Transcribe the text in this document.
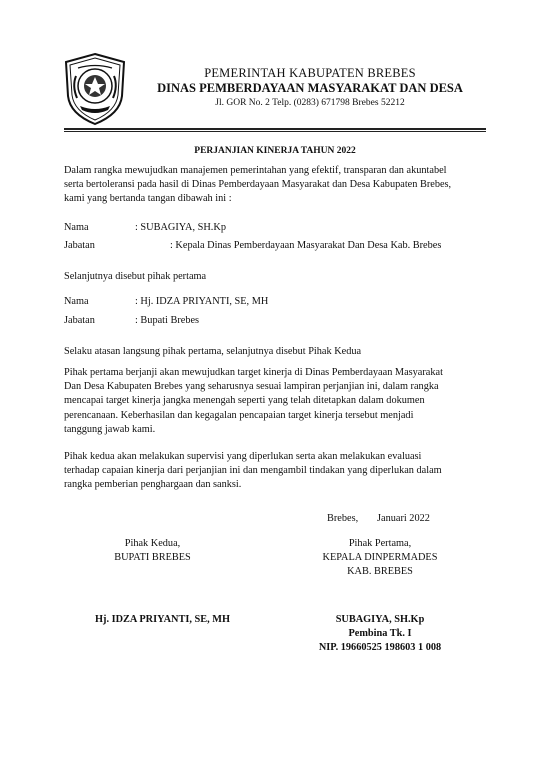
PEMERINTAH KABUPATEN BREBES
DINAS PEMBERDAYAAN MASYARAKAT DAN DESA
Jl. GOR No. 2 Telp. (0283) 671798 Brebes 52212
PERJANJIAN KINERJA TAHUN 2022
Dalam rangka mewujudkan manajemen pemerintahan yang efektif, transparan dan akuntabel
serta bertoleransi pada hasil di Dinas Pemberdayaan Masyarakat dan Desa Kabupaten Brebes,
kami yang bertanda tangan dibawah ini :
Nama	: SUBAGIYA, SH.Kp
Jabatan	: Kepala Dinas Pemberdayaan Masyarakat Dan Desa Kab. Brebes
Selanjutnya disebut pihak pertama
Nama	: Hj. IDZA PRIYANTI, SE, MH
Jabatan	: Bupati Brebes
Selaku atasan langsung pihak pertama, selanjutnya disebut Pihak Kedua
Pihak pertama berjanji akan mewujudkan target kinerja di Dinas Pemberdayaan Masyarakat
Dan Desa Kabupaten Brebes yang seharusnya sesuai lampiran perjanjian ini, dalam rangka
mencapai target kinerja jangka menengah seperti yang telah ditetapkan dalam dokumen
perencanaan. Keberhasilan dan kegagalan pencapaian target kinerja tersebut menjadi
tanggung jawab kami.
Pihak kedua akan melakukan supervisi yang diperlukan serta akan melakukan evaluasi
terhadap capaian kinerja dari perjanjian ini dan mengambil tindakan yang diperlukan dalam
rangka pemberian penghargaan dan sanksi.
Brebes, Januari 2022
Pihak Kedua,
BUPATI BREBES
Hj. IDZA PRIYANTI, SE, MH
Pihak Pertama,
KEPALA DINPERMADES
KAB. BREBES
SUBAGIYA, SH.Kp
Pembina Tk. I
NIP. 19660525 198603 1 008
